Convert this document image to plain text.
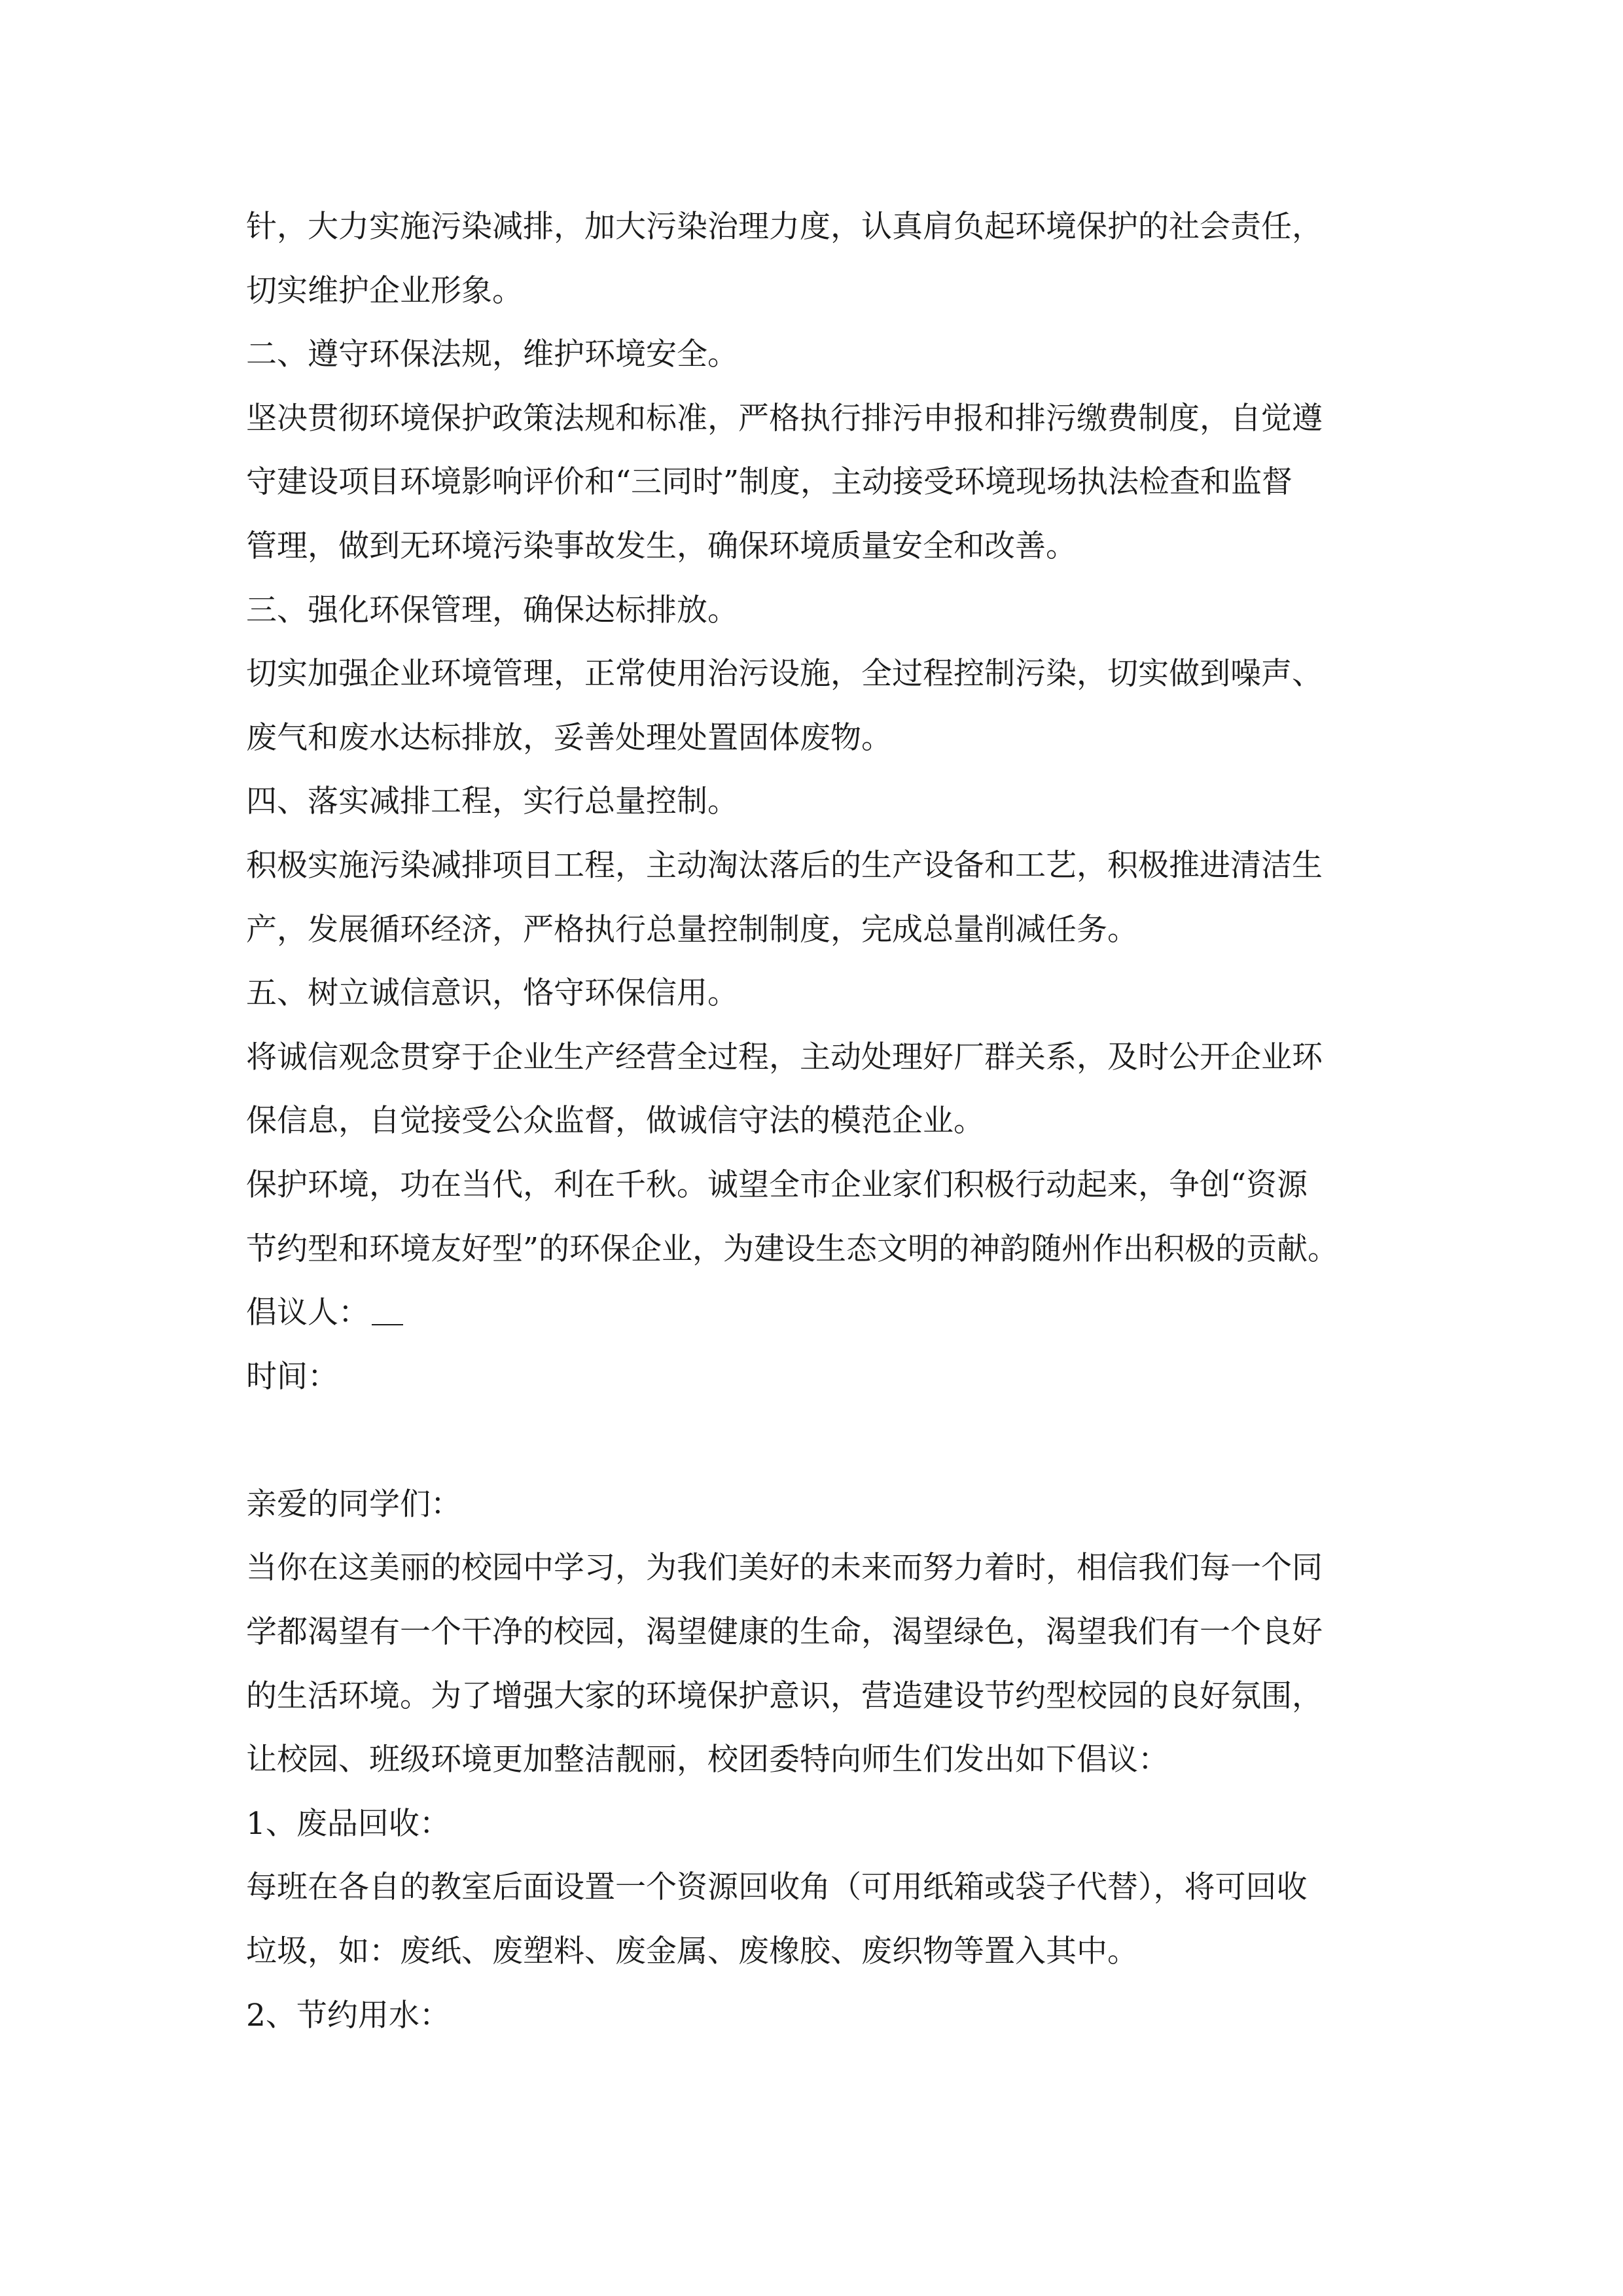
针，大力实施污染减排，加大污染治理力度，认真肩负起环境保护的社会责任，
切实维护企业形象。
二、遵守环保法规，维护环境安全。
坚决贯彻环境保护政策法规和标准，严格执行排污申报和排污缴费制度，自觉遵
守建设项目环境影响评价和“三同时”制度，主动接受环境现场执法检查和监督
管理，做到无环境污染事故发生，确保环境质量安全和改善。
三、强化环保管理，确保达标排放。
切实加强企业环境管理，正常使用治污设施，全过程控制污染，切实做到噪声、
废气和废水达标排放，妥善处理处置固体废物。
四、落实减排工程，实行总量控制。
积极实施污染减排项目工程，主动淘汰落后的生产设备和工艺，积极推进清洁生
产，发展循环经济，严格执行总量控制制度，完成总量削减任务。
五、树立诚信意识，恪守环保信用。
将诚信观念贯穿于企业生产经营全过程，主动处理好厂群关系，及时公开企业环
保信息，自觉接受公众监督，做诚信守法的模范企业。
保护环境，功在当代，利在千秋。诚望全市企业家们积极行动起来，争创“资源
节约型和环境友好型”的环保企业，为建设生态文明的神韵随州作出积极的贡献。
倡议人：
时间：
亲爱的同学们：
当你在这美丽的校园中学习，为我们美好的未来而努力着时，相信我们每一个同
学都渴望有一个干净的校园，渴望健康的生命，渴望绿色，渴望我们有一个良好
的生活环境。为了增强大家的环境保护意识，营造建设节约型校园的良好氛围，
让校园、班级环境更加整洁靓丽，校团委特向师生们发出如下倡议：
1、废品回收：
每班在各自的教室后面设置一个资源回收角（可用纸箱或袋子代替），将可回收
垃圾，如：废纸、废塑料、废金属、废橡胶、废织物等置入其中。
2、节约用水：
